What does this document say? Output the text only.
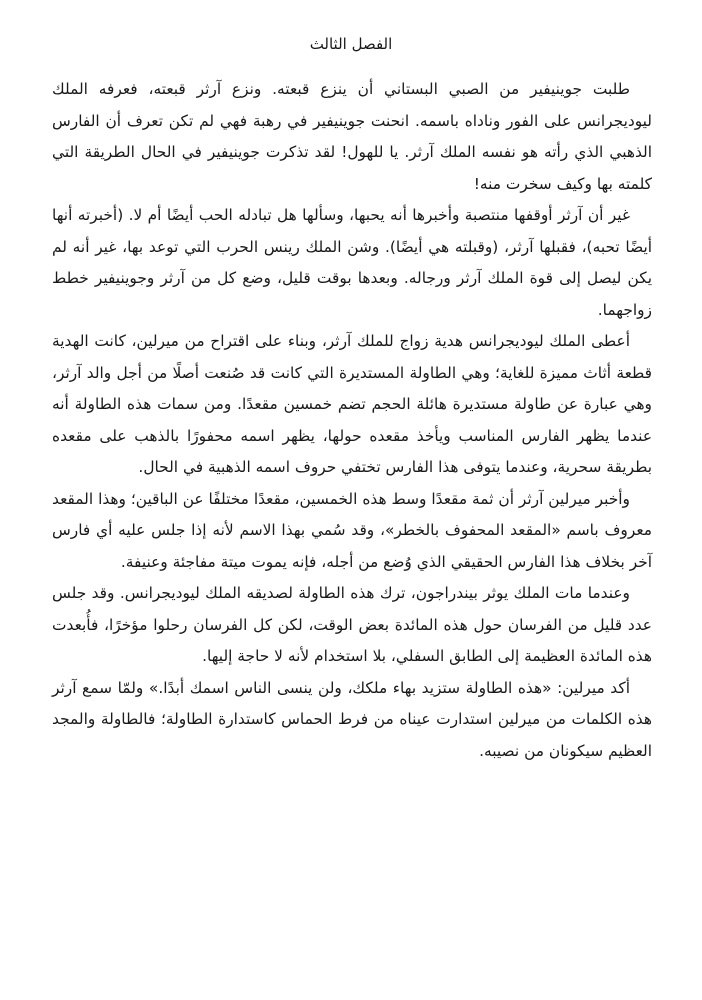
الفصل الثالث

طلبت جوينيفير من الصبي البستاني أن ينزع قبعته. ونزع آرثر قبعته، فعرفه الملك ليوديجرانس على الفور وناداه باسمه. انحنت جوينيفير في رهبة فهي لم تكن تعرف أن الفارس الذهبي الذي رأته هو نفسه الملك آرثر. يا للهول! لقد تذكرت جوينيفير في الحال الطريقة التي كلمته بها وكيف سخرت منه!

غير أن آرثر أوقفها منتصبة وأخبرها أنه يحبها، وسألها هل تبادله الحب أيضًا أم لا. (أخبرته أنها أيضًا تحبه)، فقبلها آرثر، (وقبلته هي أيضًا). وشن الملك رينس الحرب التي توعد بها، غير أنه لم يكن ليصل إلى قوة الملك آرثر ورجاله. وبعدها بوقت قليل، وضع كل من آرثر وجوينيفير خطط زواجهما.

أعطى الملك ليوديجرانس هدية زواج للملك آرثر، وبناء على اقتراح من ميرلين، كانت الهدية قطعة أثاث مميزة للغاية؛ وهي الطاولة المستديرة التي كانت قد صُنعت أصلًا من أجل والد آرثر، وهي عبارة عن طاولة مستديرة هائلة الحجم تضم خمسين مقعدًا. ومن سمات هذه الطاولة أنه عندما يظهر الفارس المناسب ويأخذ مقعده حولها، يظهر اسمه محفورًا بالذهب على مقعده بطريقة سحرية، وعندما يتوفى هذا الفارس تختفي حروف اسمه الذهبية في الحال.

وأخبر ميرلين آرثر أن ثمة مقعدًا وسط هذه الخمسين، مقعدًا مختلفًا عن الباقين؛ وهذا المقعد معروف باسم «المقعد المحفوف بالخطر»، وقد سُمي بهذا الاسم لأنه إذا جلس عليه أي فارس آخر بخلاف هذا الفارس الحقيقي الذي وُضع من أجله، فإنه يموت ميتة مفاجئة وعنيفة.

وعندما مات الملك يوثر بيندراجون، ترك هذه الطاولة لصديقه الملك ليوديجرانس. وقد جلس عدد قليل من الفرسان حول هذه المائدة بعض الوقت، لكن كل الفرسان رحلوا مؤخرًا، فأُبعدت هذه المائدة العظيمة إلى الطابق السفلي، بلا استخدام لأنه لا حاجة إليها.

أكد ميرلين: «هذه الطاولة ستزيد بهاء ملكك، ولن ينسى الناس اسمك أبدًا.» ولمّا سمع آرثر هذه الكلمات من ميرلين استدارت عيناه من فرط الحماس كاستدارة الطاولة؛ فالطاولة والمجد العظيم سيكونان من نصيبه.
